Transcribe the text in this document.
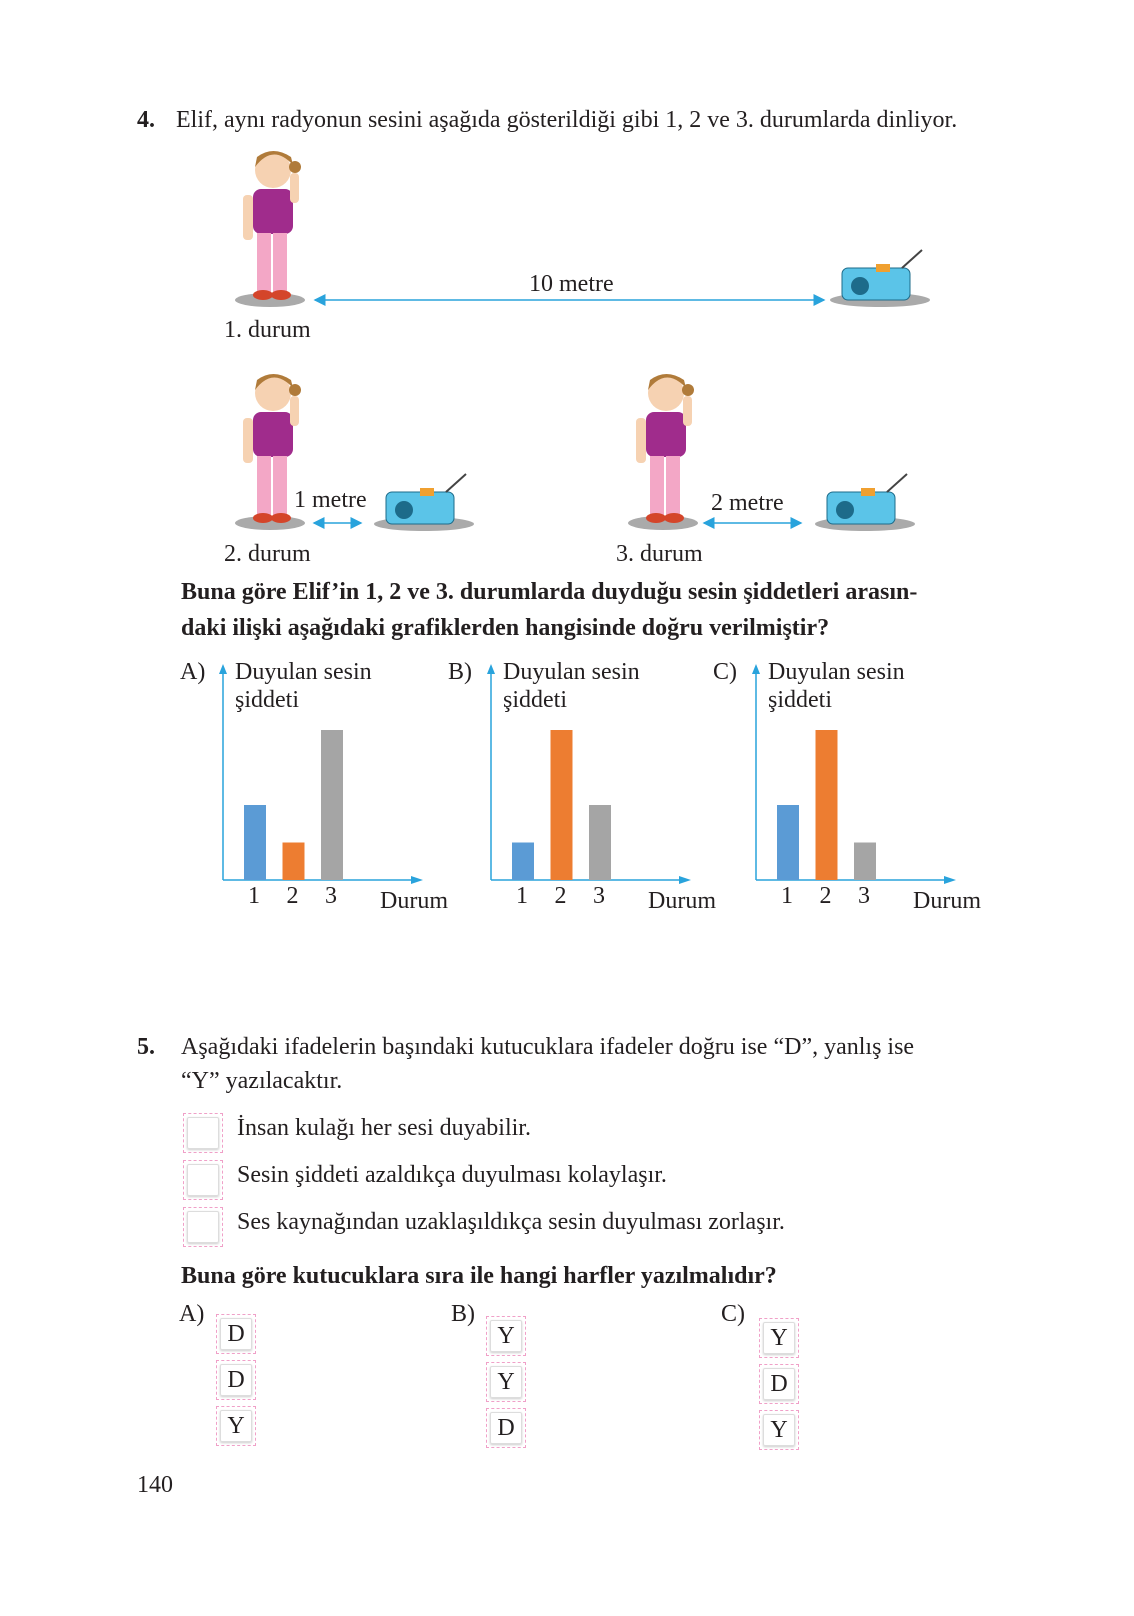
4. Elif, aynı radyonun sesini aşağıda gösterildiği gibi 1, 2 ve 3. durumlarda dinliyor.
10 metre
1. durum
1 metre
2. durum
2 metre
3. durum
Buna göre Elif’in 1, 2 ve 3. durumlarda duyduğu sesin şiddetleri arasın-
daki ilişki aşağıdaki grafiklerden hangisinde doğru verilmiştir?
A) Duyulan sesin
şiddeti
1 2 3 Durum
B) Duyulan sesin
şiddeti
1 2 3 Durum
C) Duyulan sesin
şiddeti
1 2 3 Durum
5. Aşağıdaki ifadelerin başındaki kutucuklara ifadeler doğru ise “D”, yanlış ise
“Y” yazılacaktır.
İnsan kulağı her sesi duyabilir.
Sesin şiddeti azaldıkça duyulması kolaylaşır.
Ses kaynağından uzaklaşıldıkça sesin duyulması zorlaşır.
Buna göre kutucuklara sıra ile hangi harfler yazılmalıdır?
A)
D
D
Y
B)
Y
Y
D
C)
Y
D
Y
140
